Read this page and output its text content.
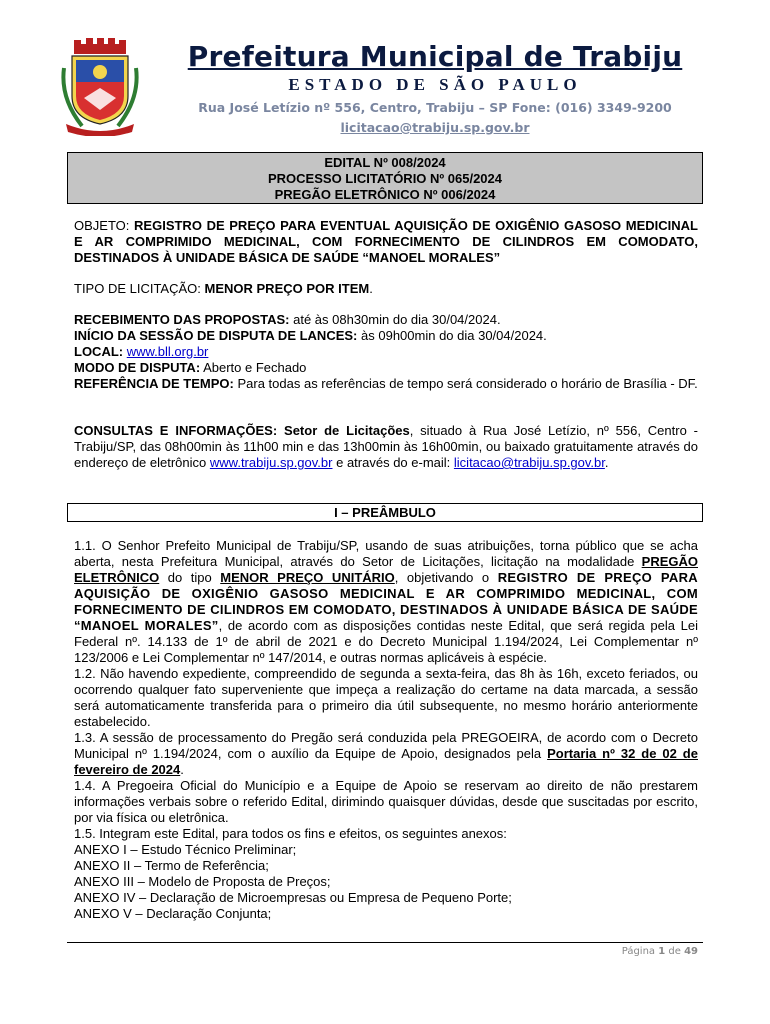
Prefeitura Municipal de Trabiju
ESTADO DE SÃO PAULO
Rua José Letízio nº 556, Centro, Trabiju – SP Fone: (016) 3349-9200
licitacao@trabiju.sp.gov.br
EDITAL Nº 008/2024
PROCESSO LICITATÓRIO Nº 065/2024
PREGÃO ELETRÔNICO Nº 006/2024
OBJETO: REGISTRO DE PREÇO PARA EVENTUAL AQUISIÇÃO DE OXIGÊNIO GASOSO MEDICINAL E AR COMPRIMIDO MEDICINAL, COM FORNECIMENTO DE CILINDROS EM COMODATO, DESTINADOS À UNIDADE BÁSICA DE SAÚDE “MANOEL MORALES”
TIPO DE LICITAÇÃO: MENOR PREÇO POR ITEM.
RECEBIMENTO DAS PROPOSTAS: até às 08h30min do dia 30/04/2024.
INÍCIO DA SESSÃO DE DISPUTA DE LANCES: às 09h00min do dia 30/04/2024.
LOCAL: www.bll.org.br
MODO DE DISPUTA: Aberto e Fechado
REFERÊNCIA DE TEMPO: Para todas as referências de tempo será considerado o horário de Brasília - DF.
CONSULTAS E INFORMAÇÕES: Setor de Licitações, situado à Rua José Letízio, nº 556, Centro - Trabiju/SP, das 08h00min às 11h00 min e das 13h00min às 16h00min, ou baixado gratuitamente através do endereço de eletrônico www.trabiju.sp.gov.br e através do e-mail: licitacao@trabiju.sp.gov.br.
I – PREÂMBULO
1.1. O Senhor Prefeito Municipal de Trabiju/SP, usando de suas atribuições, torna público que se acha aberta, nesta Prefeitura Municipal, através do Setor de Licitações, licitação na modalidade PREGÃO ELETRÔNICO do tipo MENOR PREÇO UNITÁRIO, objetivando o REGISTRO DE PREÇO PARA AQUISIÇÃO DE OXIGÊNIO GASOSO MEDICINAL E AR COMPRIMIDO MEDICINAL, COM FORNECIMENTO DE CILINDROS EM COMODATO, DESTINADOS À UNIDADE BÁSICA DE SAÚDE “MANOEL MORALES”, de acordo com as disposições contidas neste Edital, que será regida pela Lei Federal nº. 14.133 de 1º de abril de 2021 e do Decreto Municipal 1.194/2024, Lei Complementar nº 123/2006 e Lei Complementar nº 147/2014, e outras normas aplicáveis à espécie.
1.2. Não havendo expediente, compreendido de segunda a sexta-feira, das 8h às 16h, exceto feriados, ou ocorrendo qualquer fato superveniente que impeça a realização do certame na data marcada, a sessão será automaticamente transferida para o primeiro dia útil subsequente, no mesmo horário anteriormente estabelecido.
1.3. A sessão de processamento do Pregão será conduzida pela PREGOEIRA, de acordo com o Decreto Municipal nº 1.194/2024, com o auxílio da Equipe de Apoio, designados pela Portaria nº 32 de 02 de fevereiro de 2024.
1.4. A Pregoeira Oficial do Município e a Equipe de Apoio se reservam ao direito de não prestarem informações verbais sobre o referido Edital, dirimindo quaisquer dúvidas, desde que suscitadas por escrito, por via física ou eletrônica.
1.5. Integram este Edital, para todos os fins e efeitos, os seguintes anexos:
ANEXO I – Estudo Técnico Preliminar;
ANEXO II – Termo de Referência;
ANEXO III – Modelo de Proposta de Preços;
ANEXO IV – Declaração de Microempresas ou Empresa de Pequeno Porte;
ANEXO V – Declaração Conjunta;
Página 1 de 49
